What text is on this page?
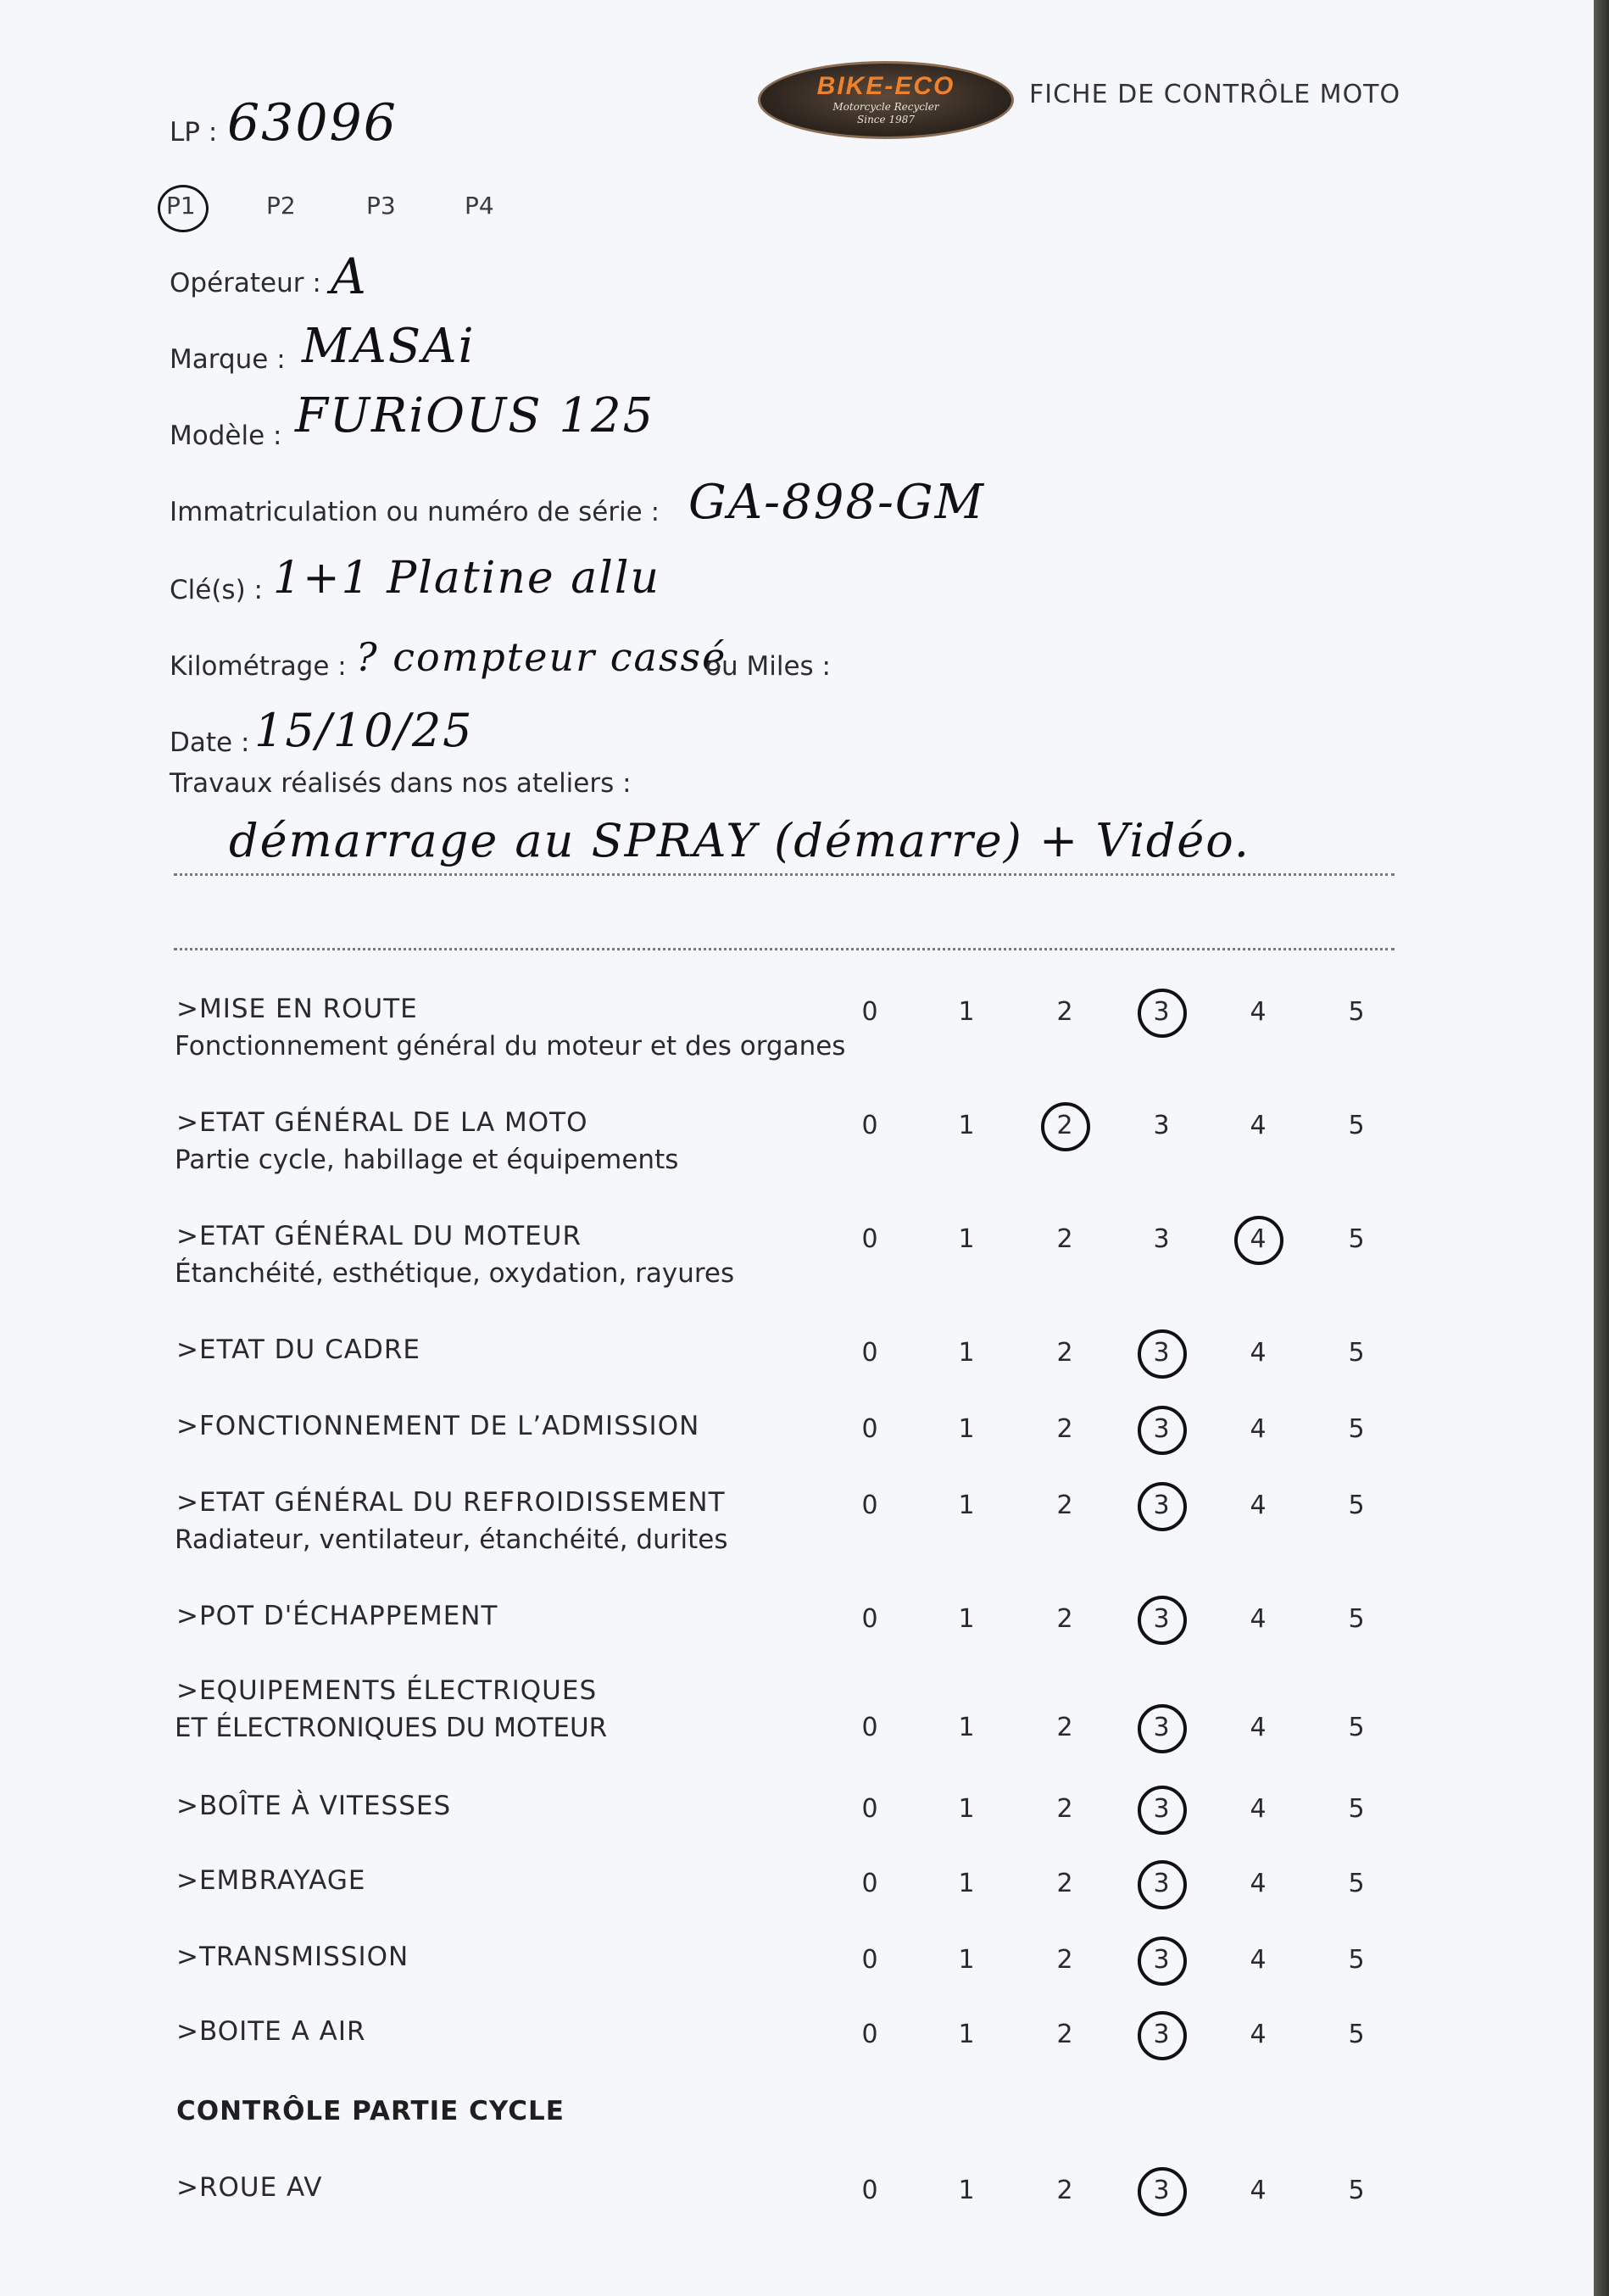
BIKE-ECO
Motorcycle Recycler
Since 1987
FICHE DE CONTRÔLE MOTO
LP : 63096
P1	P2	P3	P4
Opérateur : A
Marque : MASAi
Modèle : FURiOUS 125
Immatriculation ou numéro de série : GA-898-GM
Clé(s) : 1+1 Platine allu
Kilométrage : ? compteur cassé
ou Miles :
Date : 15/10/25
Travaux réalisés dans nos ateliers :
démarrage au SPRAY (démarre) + Vidéo.
>MISE EN ROUTE
Fonctionnement général du moteur et des organes
0	1	2	3	4	5
>ETAT GÉNÉRAL DE LA MOTO
Partie cycle, habillage et équipements
0	1	2	3	4	5
>ETAT GÉNÉRAL DU MOTEUR
Étanchéité, esthétique, oxydation, rayures
0	1	2	3	4	5
>ETAT DU CADRE	0	1	2	3	4	5
>FONCTIONNEMENT DE L’ADMISSION	0	1	2	3	4	5
>ETAT GÉNÉRAL DU REFROIDISSEMENT
Radiateur, ventilateur, étanchéité, durites
0	1	2	3	4	5
>POT D'ÉCHAPPEMENT	0	1	2	3	4	5
>EQUIPEMENTS ÉLECTRIQUES
ET ÉLECTRONIQUES DU MOTEUR	0	1	2	3	4	5
>BOÎTE À VITESSES	0	1	2	3	4	5
>EMBRAYAGE	0	1	2	3	4	5
>TRANSMISSION	0	1	2	3	4	5
>BOITE A AIR	0	1	2	3	4	5
CONTRÔLE PARTIE CYCLE
>ROUE AV	0	1	2	3	4	5
